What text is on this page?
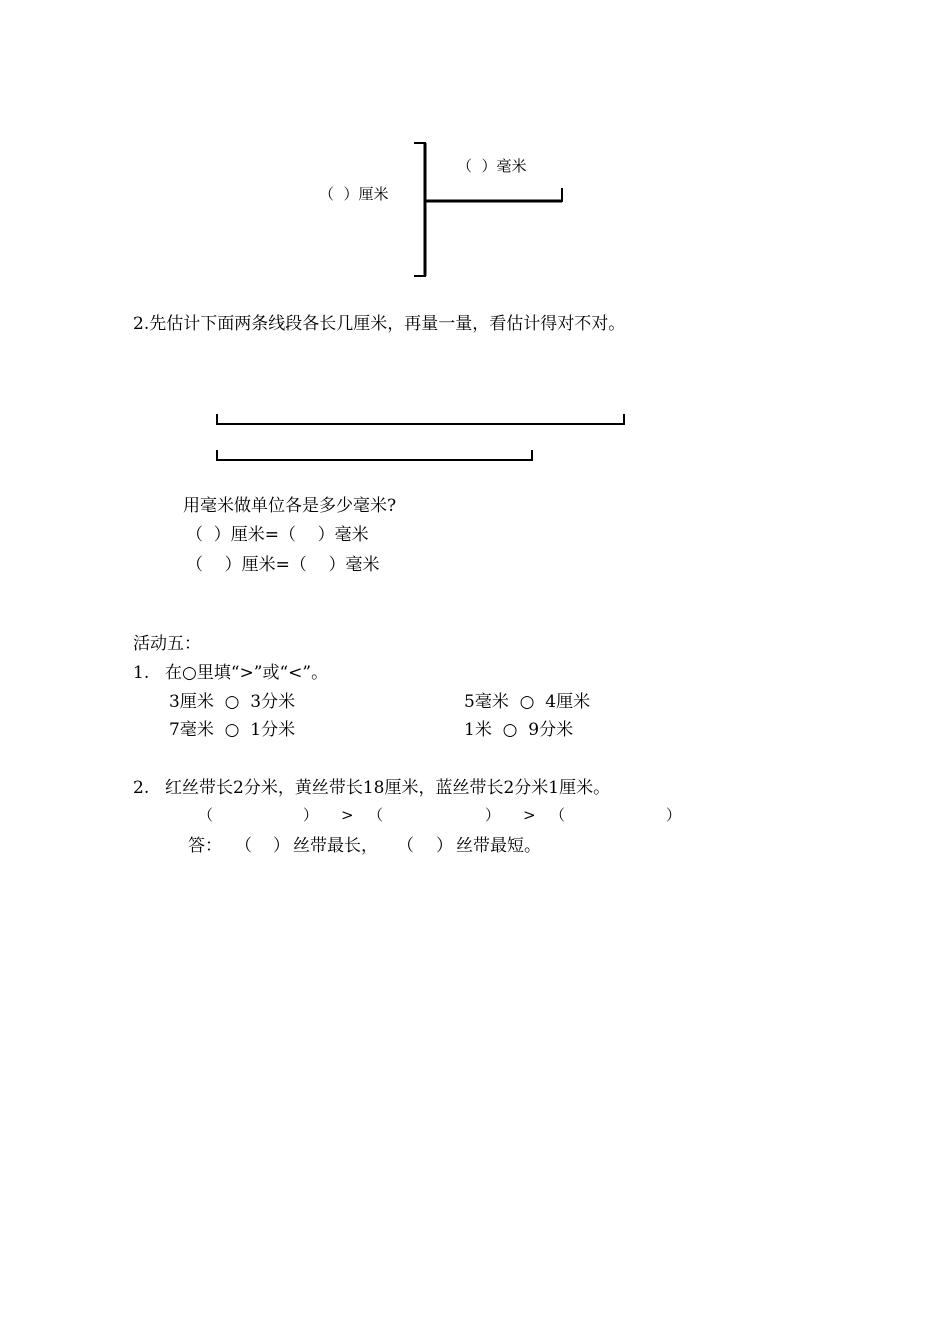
（  ）毫米
（  ）厘米
2.先估计下面两条线段各长几厘米，再量一量，看估计得对不对。
用毫米做单位各是多少毫米?
（  ）厘米=（    ）毫米
（    ）厘米=（    ）毫米
活动五：
1. 在○里填“>”或“<”。
3厘米  ○  3分米	5毫米  ○  4厘米
7毫米  ○  1分米	1米  ○  9分米
2. 红丝带长2分米，黄丝带长18厘米，蓝丝带长2分米1厘米。
（	） > （	） > （	）
答： （ ） 丝带最长， （ ） 丝带最短。
